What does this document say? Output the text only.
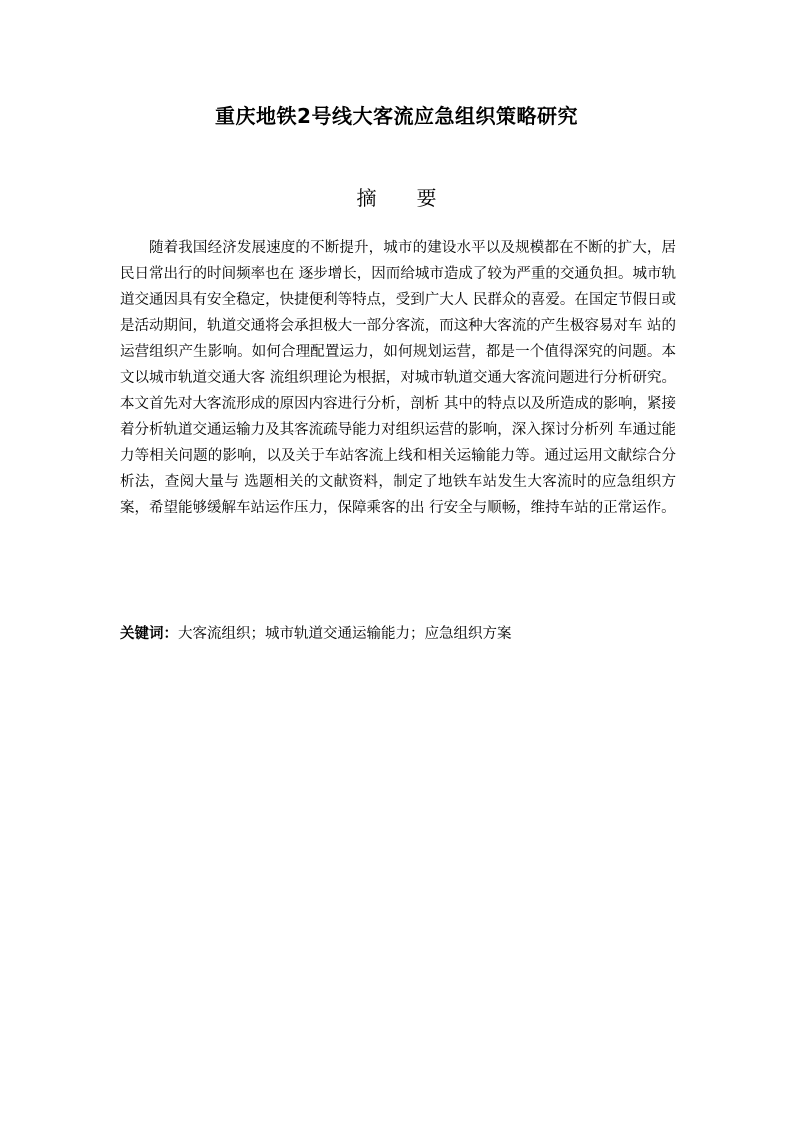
重庆地铁2号线大客流应急组织策略研究
摘 要

随着我国经济发展速度的不断提升，城市的建设水平以及规模都在不断的扩大，居民日常出行的时间频率也在 逐步增长，因而给城市造成了较为严重的交通负担。城市轨道交通因具有安全稳定，快捷便利等特点，受到广大人 民群众的喜爱。在国定节假日或是活动期间，轨道交通将会承担极大一部分客流，而这种大客流的产生极容易对车 站的运营组织产生影响。如何合理配置运力，如何规划运营，都是一个值得深究的问题。本文以城市轨道交通大客 流组织理论为根据，对城市轨道交通大客流问题进行分析研究。本文首先对大客流形成的原因内容进行分析，剖析 其中的特点以及所造成的影响，紧接着分析轨道交通运输力及其客流疏导能力对组织运营的影响，深入探讨分析列 车通过能力等相关问题的影响，以及关于车站客流上线和相关运输能力等。通过运用文献综合分析法，查阅大量与 选题相关的文献资料，制定了地铁车站发生大客流时的应急组织方案，希望能够缓解车站运作压力，保障乘客的出 行安全与顺畅，维持车站的正常运作。

关键词：大客流组织；城市轨道交通运输能力；应急组织方案
